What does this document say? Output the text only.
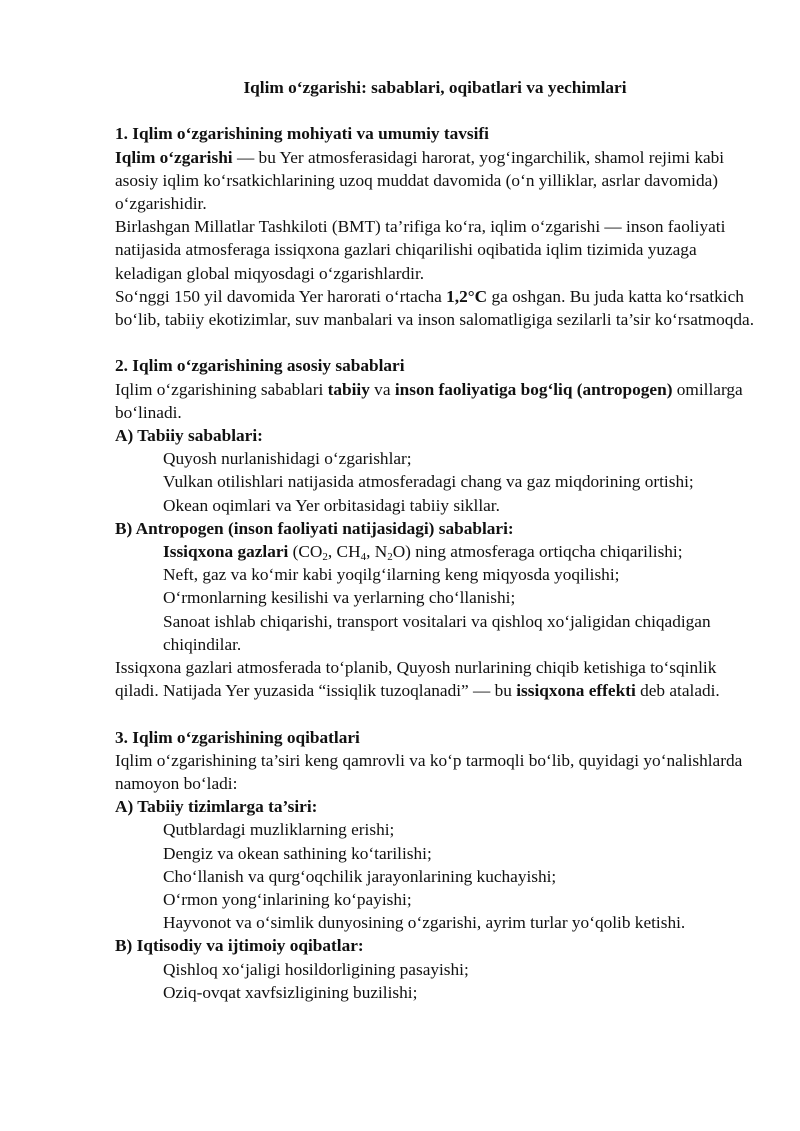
Iqlim o‘zgarishi: sabablari, oqibatlari va yechimlari

1. Iqlim o‘zgarishining mohiyati va umumiy tavsifi

Iqlim o‘zgarishi — bu Yer atmosferasidagi harorat, yog‘ingarchilik, shamol rejimi kabi asosiy iqlim ko‘rsatkichlarining uzoq muddat davomida (o‘n yilliklar, asrlar davomida) o‘zgarishidir.

Birlashgan Millatlar Tashkiloti (BMT) ta’rifiga ko‘ra, iqlim o‘zgarishi — inson faoliyati natijasida atmosferaga issiqxona gazlari chiqarilishi oqibatida iqlim tizimida yuzaga keladigan global miqyosdagi o‘zgarishlardir.

So‘nggi 150 yil davomida Yer harorati o‘rtacha 1,2°C ga oshgan. Bu juda katta ko‘rsatkich bo‘lib, tabiiy ekotizimlar, suv manbalari va inson salomatligiga sezilarli ta’sir ko‘rsatmoqda.

2. Iqlim o‘zgarishining asosiy sabablari

Iqlim o‘zgarishining sabablari tabiiy va inson faoliyatiga bog‘liq (antropogen) omillarga bo‘linadi.

A) Tabiiy sabablari:

Quyosh nurlanishidagi o‘zgarishlar;

Vulkan otilishlari natijasida atmosferadagi chang va gaz miqdorining ortishi;

Okean oqimlari va Yer orbitasidagi tabiiy sikllar.

B) Antropogen (inson faoliyati natijasidagi) sabablari:

Issiqxona gazlari ($CO_2$, $CH_4$, $N_2O$) ning atmosferaga ortiqcha chiqarilishi;

Neft, gaz va ko‘mir kabi yoqilg‘ilarning keng miqyosda yoqilishi;

O‘rmonlarning kesilishi va yerlarning cho‘llanishi;

Sanoat ishlab chiqarishi, transport vositalari va qishloq xo‘jaligidan chiqadigan chiqindilar.

Issiqxona gazlari atmosferada to‘planib, Quyosh nurlarining chiqib ketishiga to‘sqinlik qiladi. Natijada Yer yuzasida “issiqlik tuzoqlanadi” — bu issiqxona effekti deb ataladi.

3. Iqlim o‘zgarishining oqibatlari

Iqlim o‘zgarishining ta’siri keng qamrovli va ko‘p tarmoqli bo‘lib, quyidagi yo‘nalishlarda namoyon bo‘ladi:

A) Tabiiy tizimlarga ta’siri:

Qutblardagi muzliklarning erishi;

Dengiz va okean sathining ko‘tarilishi;

Cho‘llanish va qurg‘oqchilik jarayonlarining kuchayishi;

O‘rmon yong‘inlarining ko‘payishi;

Hayvonot va o‘simlik dunyosining o‘zgarishi, ayrim turlar yo‘qolib ketishi.

B) Iqtisodiy va ijtimoiy oqibatlar:

Qishloq xo‘jaligi hosildorligining pasayishi;

Oziq-ovqat xavfsizligining buzilishi;
